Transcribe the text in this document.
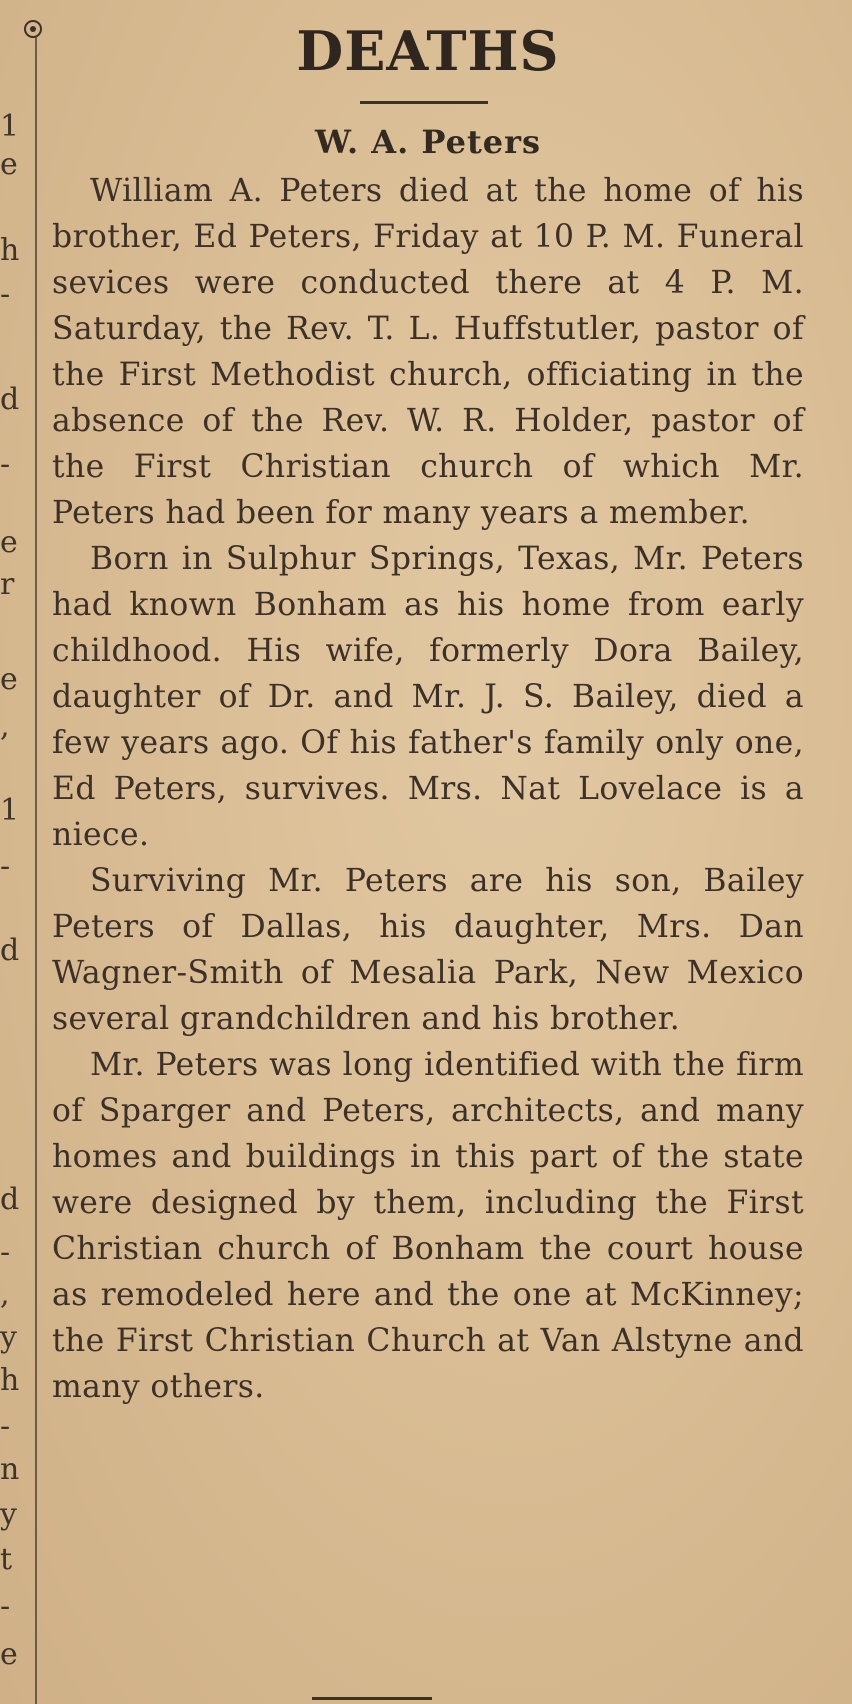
1
e
h
-
d
-
e
r
e
,
1
-
d
d
-
,
y
h
-
n
y
t
-
e
DEATHS
W. A. Peters

William A. Peters died at the home of his brother, Ed Peters, Friday at 10 P. M. Funeral sevices were conducted there at 4 P. M. Saturday, the Rev. T. L. Huffstutler, pastor of the First Methodist church, officiating in the absence of the Rev. W. R. Holder, pastor of the First Christian church of which Mr. Peters had been for many years a member.

Born in Sulphur Springs, Texas, Mr. Peters had known Bonham as his home from early childhood. His wife, formerly Dora Bailey, daughter of Dr. and Mr. J. S. Bailey, died a few years ago. Of his father's family only one, Ed Peters, survives. Mrs. Nat Lovelace is a niece.

Surviving Mr. Peters are his son, Bailey Peters of Dallas, his daughter, Mrs. Dan Wagner-Smith of Mesalia Park, New Mexico several grandchildren and his brother.

Mr. Peters was long identified with the firm of Sparger and Peters, architects, and many homes and buildings in this part of the state were designed by them, including the First Christian church of Bonham the court house as remodeled here and the one at McKinney; the First Christian Church at Van Alstyne and many others.
